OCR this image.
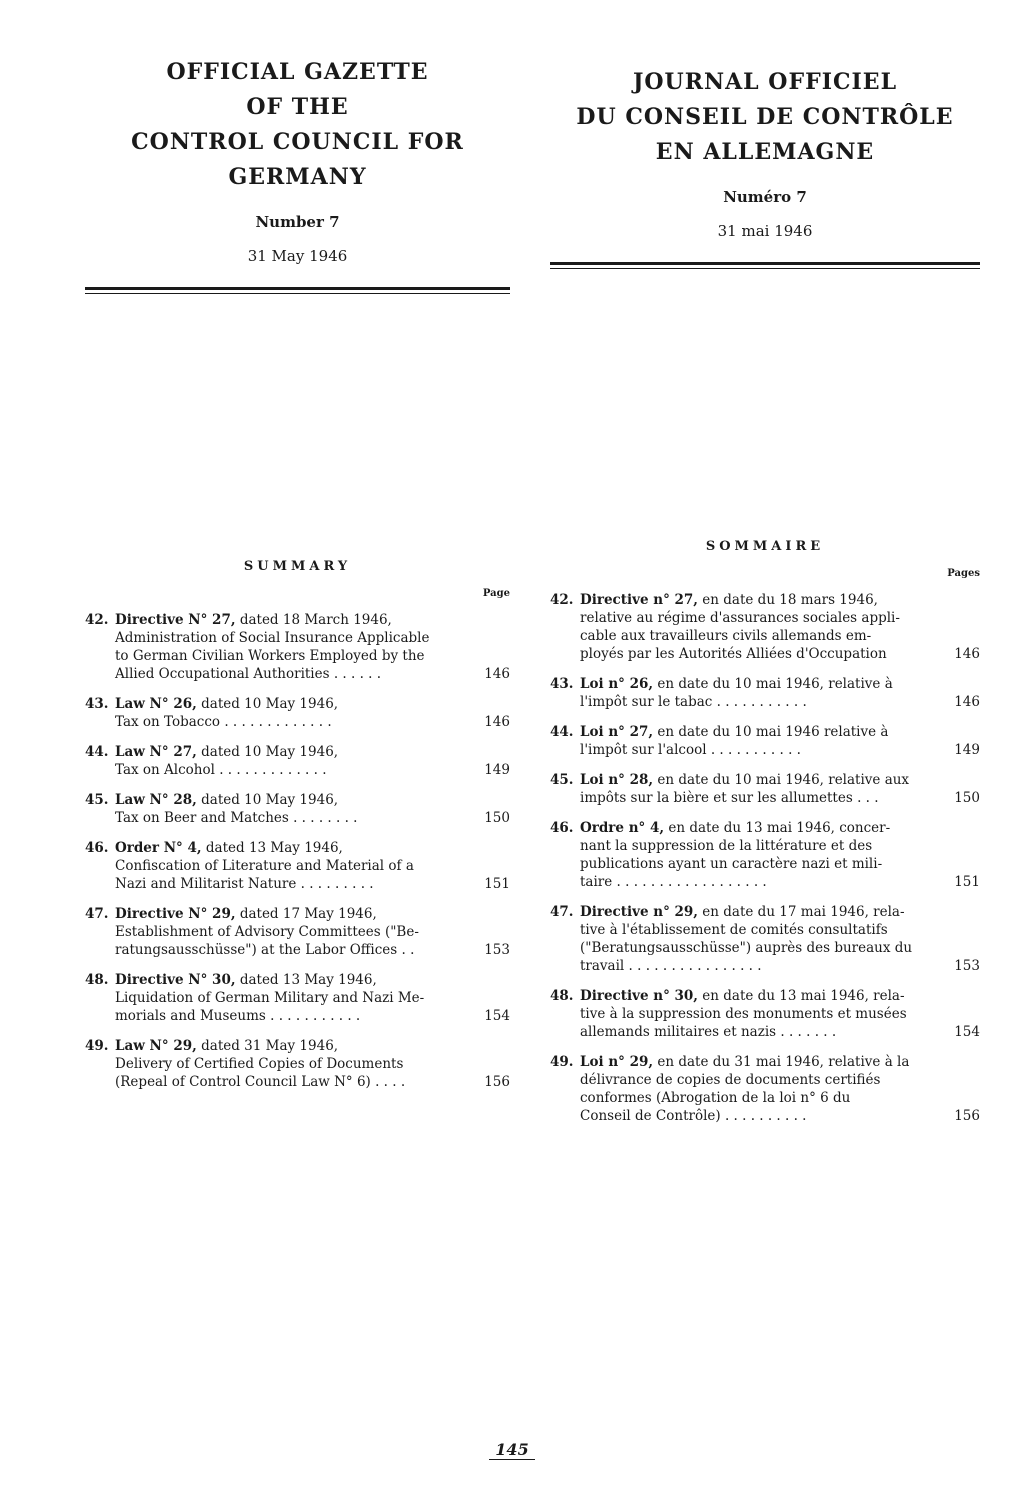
OFFICIAL GAZETTE
OF THE
CONTROL COUNCIL FOR GERMANY
Number 7
31 May 1946
SUMMARY
Page
42. Directive N° 27, dated 18 March 1946,
Administration of Social Insurance Applicable
to German Civilian Workers Employed by the
Allied Occupational Authorities . . . . . .	146
43. Law N° 26, dated 10 May 1946,
Tax on Tobacco . . . . . . . . . . . . .	146
44. Law N° 27, dated 10 May 1946,
Tax on Alcohol . . . . . . . . . . . . .	149
45. Law N° 28, dated 10 May 1946,
Tax on Beer and Matches . . . . . . . .	150
46. Order N° 4, dated 13 May 1946,
Confiscation of Literature and Material of a
Nazi and Militarist Nature . . . . . . . . .	151
47. Directive N° 29, dated 17 May 1946,
Establishment of Advisory Committees ("Be-
ratungsausschüsse") at the Labor Offices . .	153
48. Directive N° 30, dated 13 May 1946,
Liquidation of German Military and Nazi Me-
morials and Museums . . . . . . . . . . .	154
49. Law N° 29, dated 31 May 1946,
Delivery of Certified Copies of Documents
(Repeal of Control Council Law N° 6) . . . .	156
JOURNAL OFFICIEL
DU CONSEIL DE CONTRÔLE
EN ALLEMAGNE
Numéro 7
31 mai 1946
SOMMAIRE
Pages
42. Directive n° 27, en date du 18 mars 1946,
relative au régime d'assurances sociales appli-
cable aux travailleurs civils allemands em-
ployés par les Autorités Alliées d'Occupation	146
43. Loi n° 26, en date du 10 mai 1946, relative à
l'impôt sur le tabac . . . . . . . . . . .	146
44. Loi n° 27, en date du 10 mai 1946 relative à
l'impôt sur l'alcool . . . . . . . . . . .	149
45. Loi n° 28, en date du 10 mai 1946, relative aux
impôts sur la bière et sur les allumettes . . .	150
46. Ordre n° 4, en date du 13 mai 1946, concer-
nant la suppression de la littérature et des
publications ayant un caractère nazi et mili-
taire . . . . . . . . . . . . . . . . . .	151
47. Directive n° 29, en date du 17 mai 1946, rela-
tive à l'établissement de comités consultatifs
("Beratungsausschüsse") auprès des bureaux du
travail . . . . . . . . . . . . . . . .	153
48. Directive n° 30, en date du 13 mai 1946, rela-
tive à la suppression des monuments et musées
allemands militaires et nazis . . . . . . .	154
49. Loi n° 29, en date du 31 mai 1946, relative à la
délivrance de copies de documents certifiés
conformes (Abrogation de la loi n° 6 du
Conseil de Contrôle) . . . . . . . . . .	156
145
